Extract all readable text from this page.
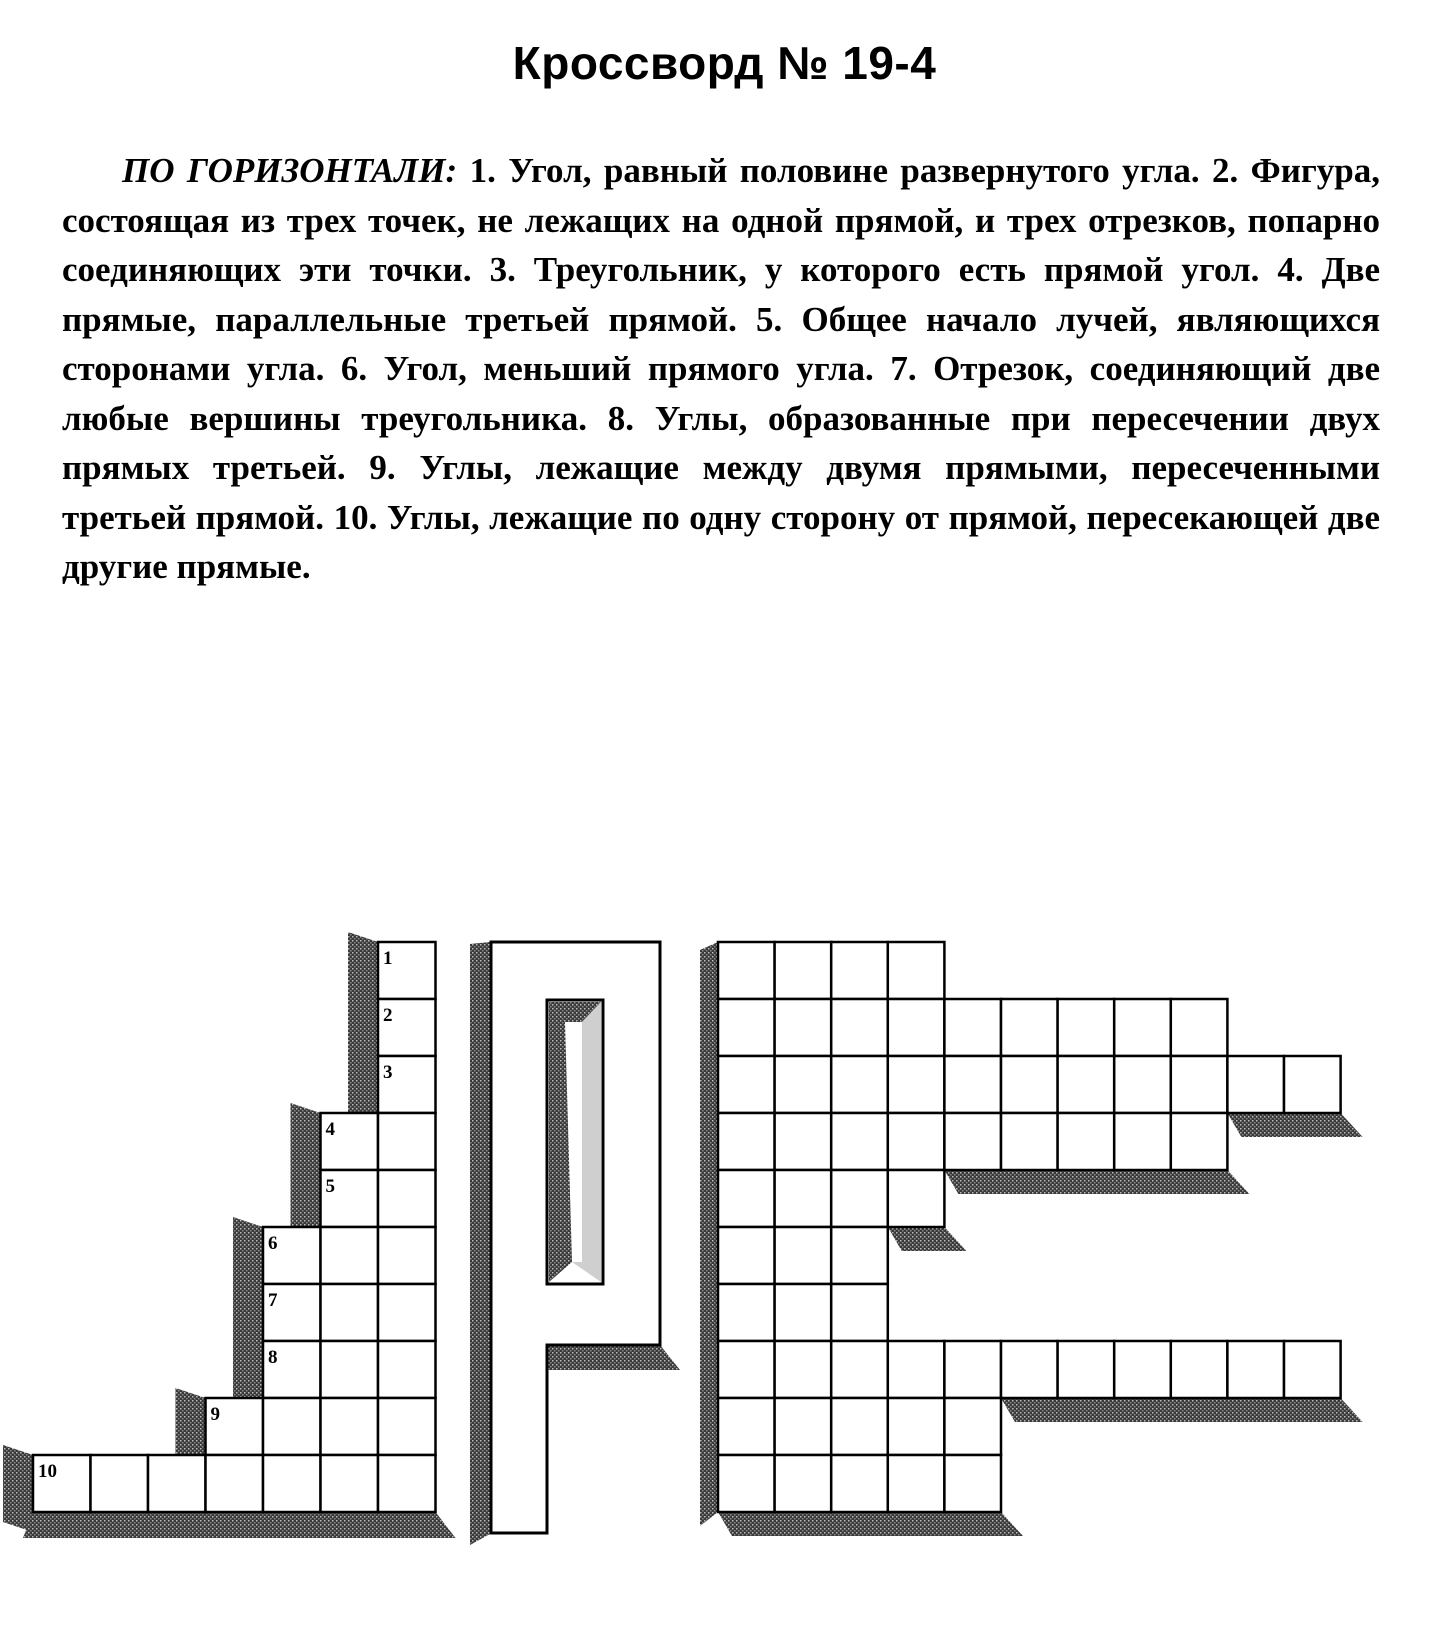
Кроссворд № 19-4
ПО ГОРИЗОНТАЛИ: 1. Угол, равный половине развернутого угла. 2. Фигура, состоящая из трех точек, не лежащих на одной прямой, и трех отрезков, попарно соединяющих эти точки. 3. Треугольник, у которого есть прямой угол. 4. Две прямые, параллельные третьей прямой. 5. Общее начало лучей, являющихся сторонами угла. 6. Угол, меньший прямого угла. 7. Отрезок, соединяющий две любые вершины треугольника. 8. Углы, образованные при пересечении двух прямых третьей. 9. Углы, лежащие между двумя прямыми, пересеченными третьей прямой. 10. Углы, лежащие по одну сторону от прямой, пересекающей две другие прямые.
1
2
3
4
5
6
7
8
9
10
